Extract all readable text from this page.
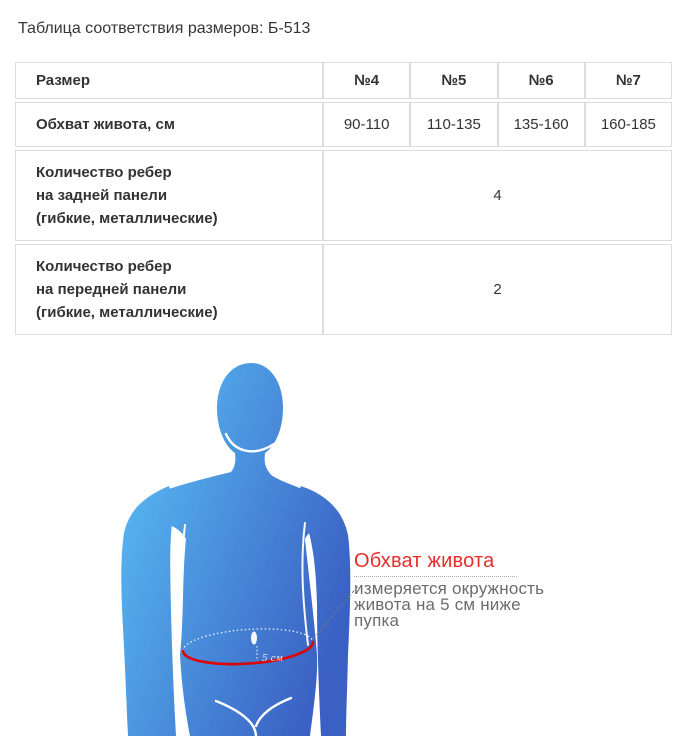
Таблица соответствия размеров: Б-513
Размер	№4	№5	№6	№7
Обхват живота, см	90-110	110-135	135-160	160-185

Количество ребер
на задней панели
(гибкие, металлические)	4			

Количество ребер
на передней панели
(гибкие, металлические)	2			
5 см
Обхват живота
измеряется окружность
живота на 5 см ниже
пупка
